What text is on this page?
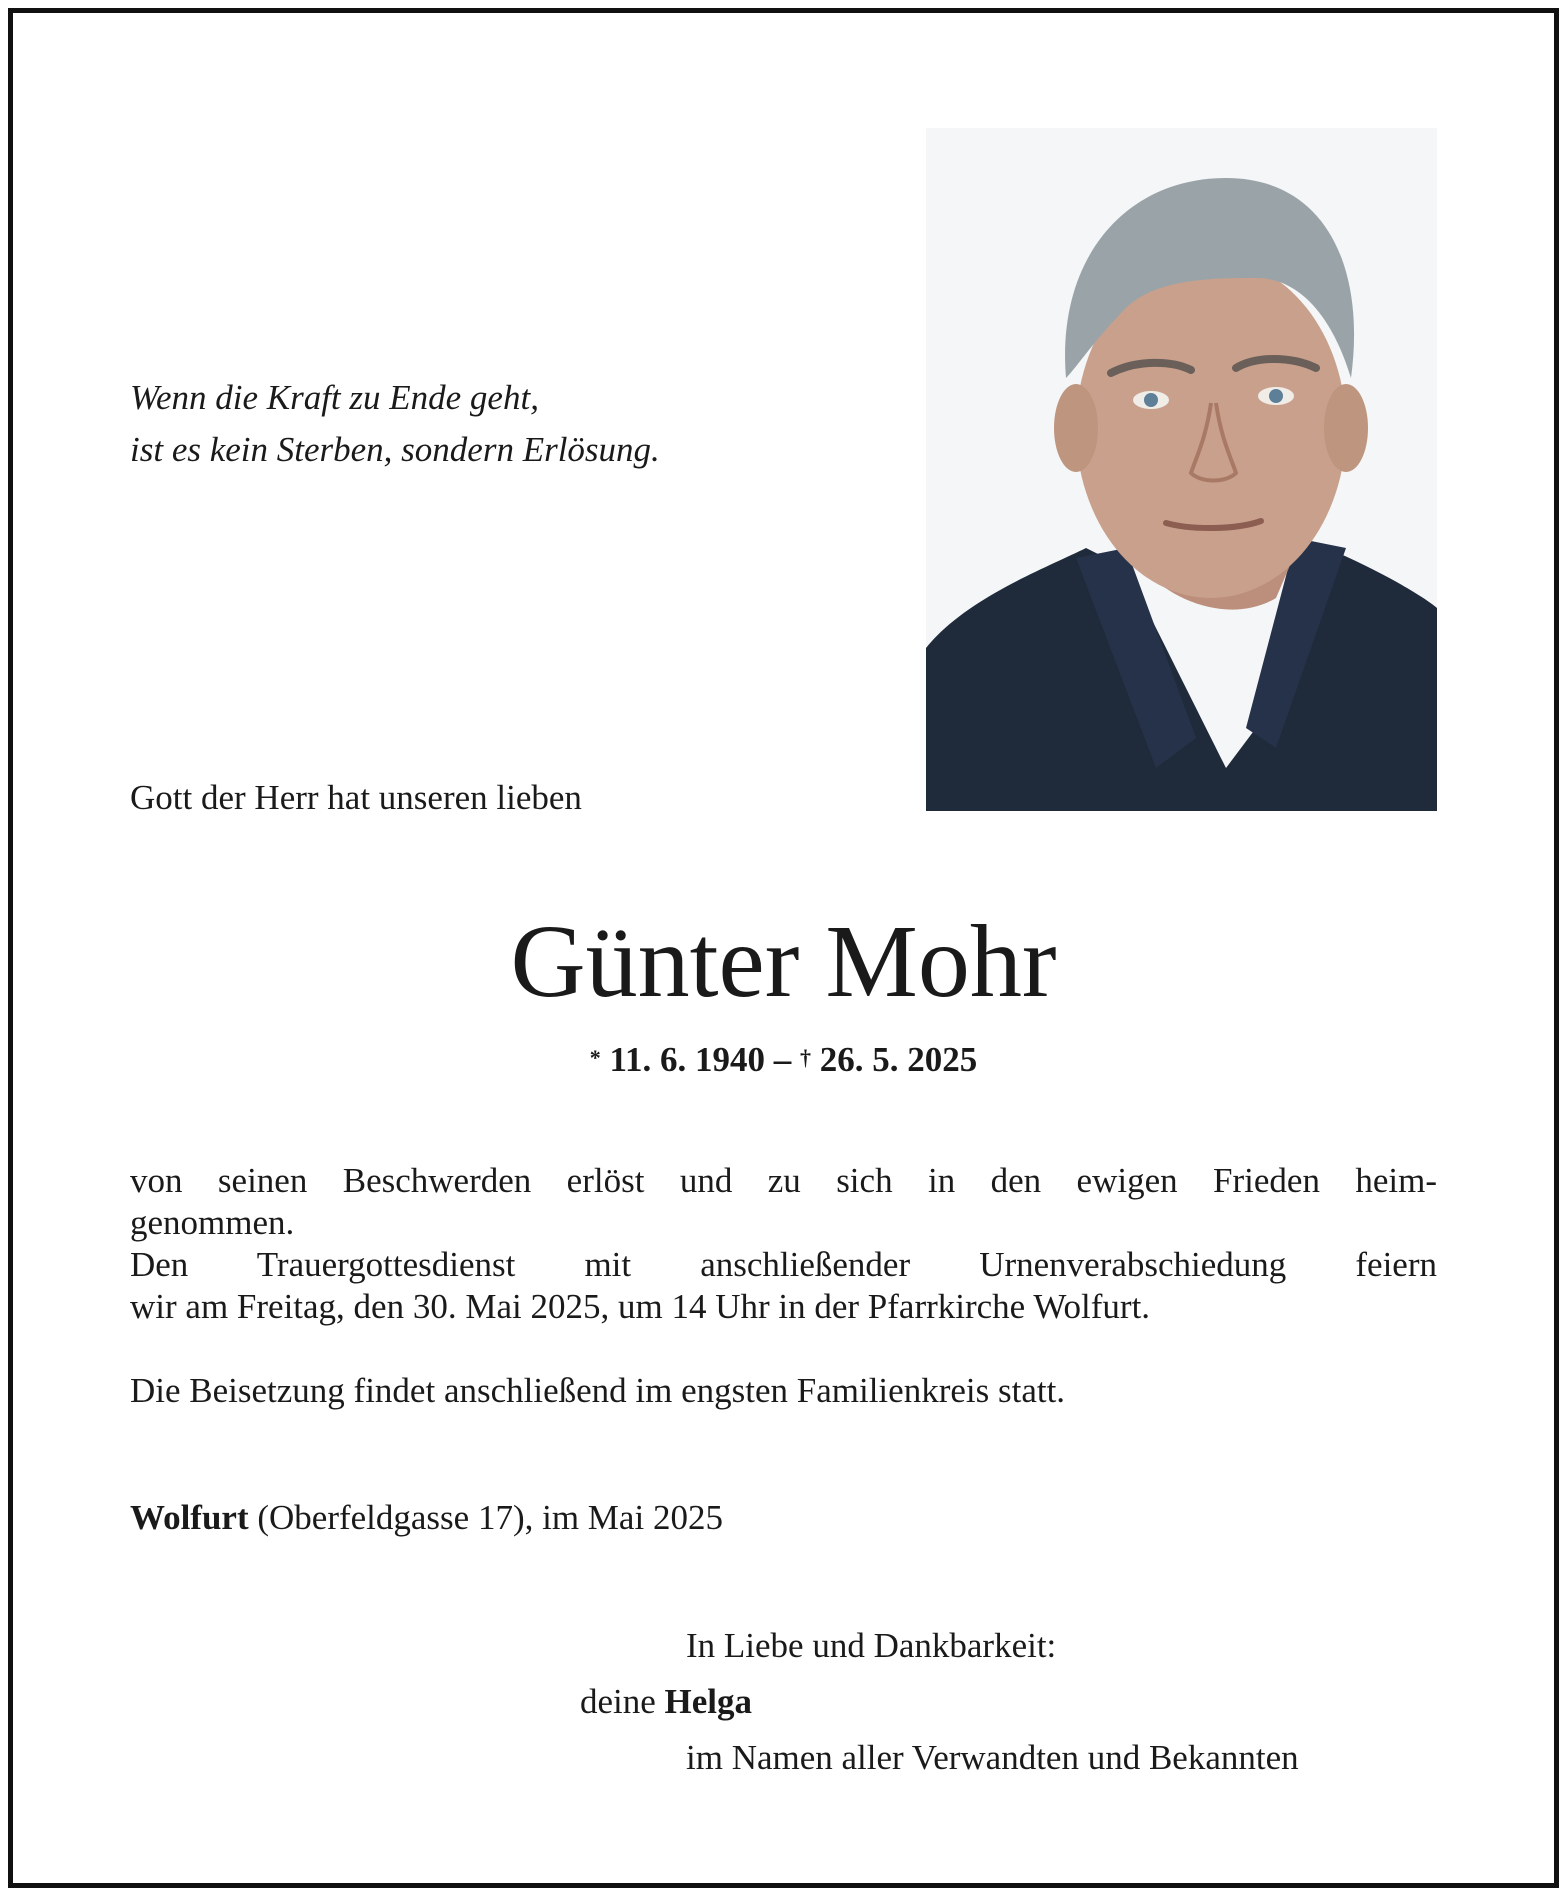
Wenn die Kraft zu Ende geht,
ist es kein Sterben, sondern Erlösung.
Gott der Herr hat unseren lieben
Günter Mohr
* 11. 6. 1940 – † 26. 5. 2025

von seinen Beschwerden erlöst und zu sich in den ewigen Frieden heim-

genommen.

Den Trauergottesdienst mit anschließender Urnenverabschiedung feiern

wir am Freitag, den 30. Mai 2025, um 14 Uhr in der Pfarrkirche Wolfurt.

Die Beisetzung findet anschließend im engsten Familienkreis statt.

Wolfurt (Oberfeldgasse 17), im Mai 2025
In Liebe und Dankbarkeit:
deine Helga
im Namen aller Verwandten und Bekannten
